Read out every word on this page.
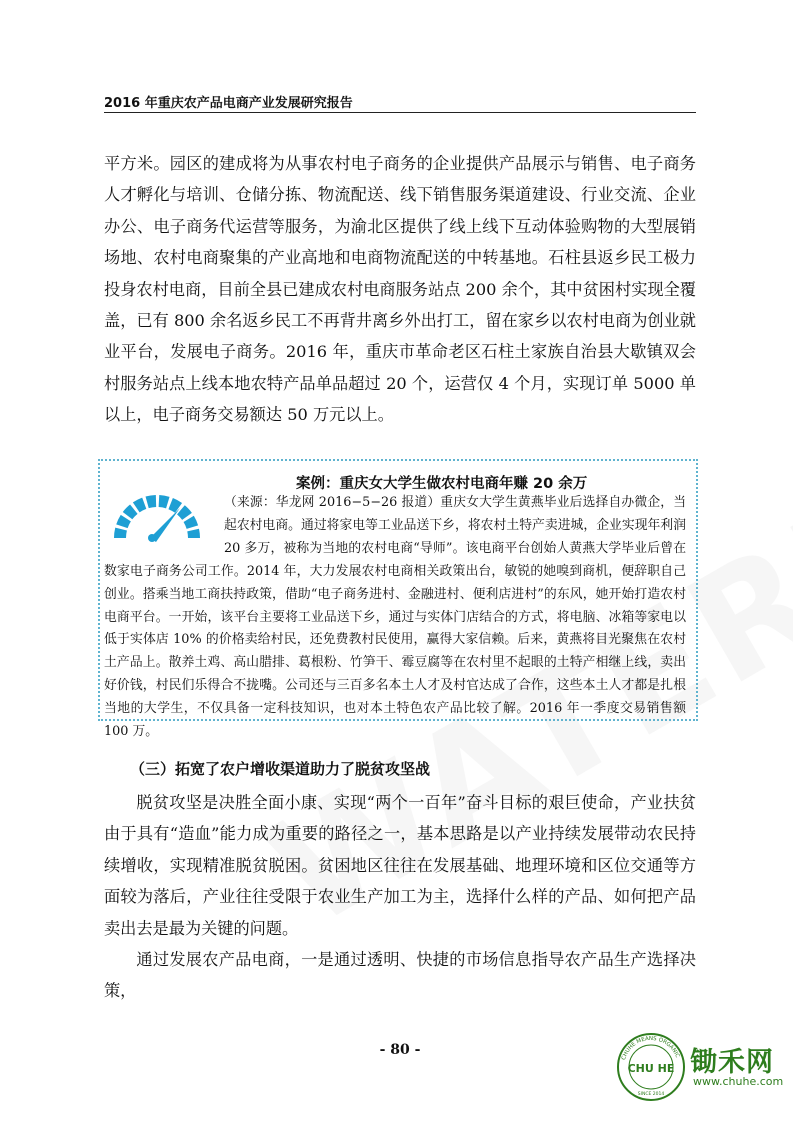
2016 年重庆农产品电商产业发展研究报告

平方米。园区的建成将为从事农村电子商务的企业提供产品展示与销售、电子商务人才孵化与培训、仓储分拣、物流配送、线下销售服务渠道建设、行业交流、企业办公、电子商务代运营等服务，为渝北区提供了线上线下互动体验购物的大型展销场地、农村电商聚集的产业高地和电商物流配送的中转基地。石柱县返乡民工极力投身农村电商，目前全县已建成农村电商服务站点 200 余个，其中贫困村实现全覆盖，已有 800 余名返乡民工不再背井离乡外出打工，留在家乡以农村电商为创业就业平台，发展电子商务。2016 年，重庆市革命老区石柱土家族自治县大歇镇双会村服务站点上线本地农特产品单品超过 20 个，运营仅 4 个月，实现订单 5000 单以上，电子商务交易额达 50 万元以上。

案例：重庆女大学生做农村电商年赚 20 余万

（来源：华龙网 2016−5−26 报道）重庆女大学生黄燕毕业后选择自办微企，当起农村电商。通过将家电等工业品送下乡，将农村土特产卖进城，企业实现年利润 20 多万，被称为当地的农村电商“导师”。该电商平台创始人黄燕大学毕业后曾在数家电子商务公司工作。2014 年，大力发展农村电商相关政策出台，敏锐的她嗅到商机，便辞职自己创业。搭乘当地工商扶持政策，借助“电子商务进村、金融进村、便利店进村”的东风，她开始打造农村电商平台。一开始，该平台主要将工业品送下乡，通过与实体门店结合的方式，将电脑、冰箱等家电以低于实体店 10% 的价格卖给村民，还免费教村民使用，赢得大家信赖。后来，黄燕将目光聚焦在农村土产品上。散养土鸡、高山腊排、葛根粉、竹笋干、霉豆腐等在农村里不起眼的土特产相继上线，卖出好价钱，村民们乐得合不拢嘴。公司还与三百多名本土人才及村官达成了合作，这些本土人才都是扎根当地的大学生，不仅具备一定科技知识，也对本土特色农产品比较了解。2016 年一季度交易销售额 100 万。

（三）拓宽了农户增收渠道助力了脱贫攻坚战

脱贫攻坚是决胜全面小康、实现“两个一百年”奋斗目标的艰巨使命，产业扶贫由于具有“造血”能力成为重要的路径之一，基本思路是以产业持续发展带动农民持续增收，实现精准脱贫脱困。贫困地区往往在发展基础、地理环境和区位交通等方面较为落后，产业往往受限于农业生产加工为主，选择什么样的产品、如何把产品卖出去是最为关键的问题。

通过发展农产品电商，一是通过透明、快捷的市场信息指导农产品生产选择决策，

- 80 -
CHUHE MEANS ORGANIC
CHU HE
SINCE 2014
锄禾网
www.chuhe.com
